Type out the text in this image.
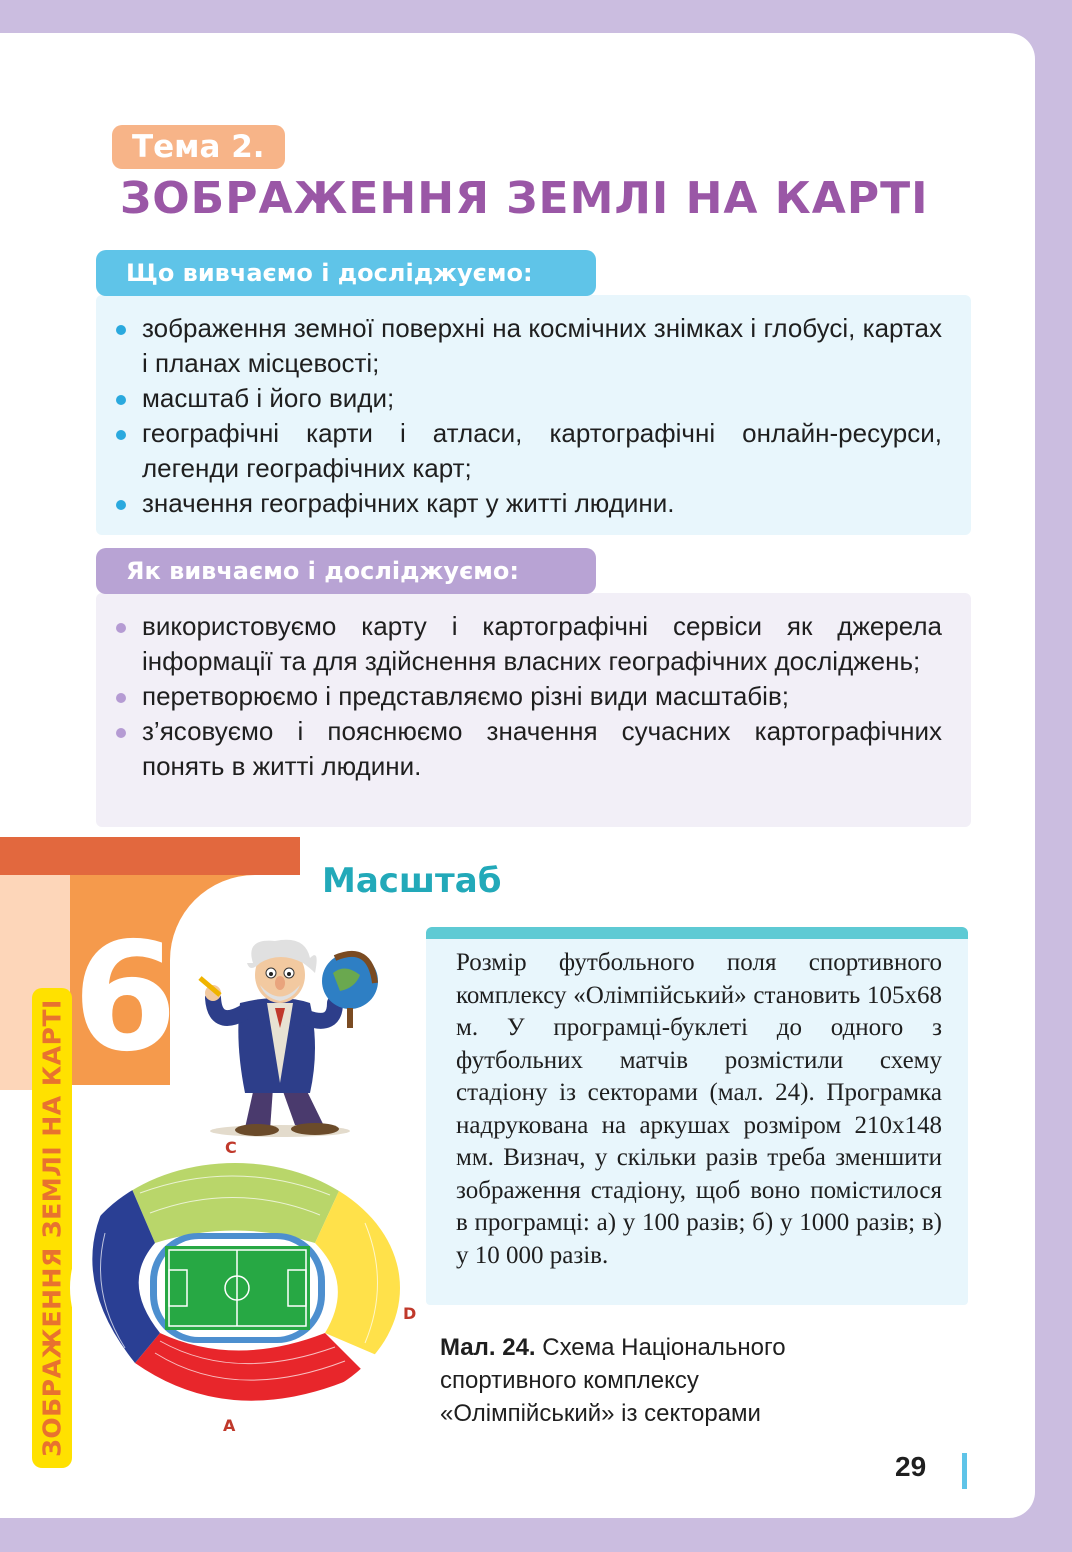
Тема 2.
ЗОБРАЖЕННЯ ЗЕМЛІ НА КАРТІ
зображення земної поверхні на космічних знімках і глобусі, картах і планах місцевості;
масштаб і його види;
географічні карти і атласи, картографічні онлайн-ресурси, легенди географічних карт;
значення географічних карт у житті людини.
Що вивчаємо і досліджуємо:
використовуємо карту і картографічні сервіси як джерела інформації та для здійснення власних географічних досліджень;
перетворюємо і представляємо різні види масштабів;
з’ясовуємо і пояснюємо значення сучасних картографічних понять в житті людини.
Як вивчаємо і досліджуємо:
6
ЗОБРАЖЕННЯ ЗЕМЛІ НА КАРТІ
Масштаб
Розмір футбольного поля спортивного комплексу «Олімпійський» становить 105х68 м. У програмці-буклеті до одного з футбольних матчів розмістили схему стадіону із секторами (мал. 24). Програмка надрукована на аркушах розміром 210х148 мм. Визнач, у скільки разів треба зменшити зображення стадіону, щоб воно помістилося в програмці: а) у 100 разів; б) у 1000 разів; в) у 10 000 разів.
C
D
A
Мал. 24. Схема Національного спортивного комплексу «Олімпійський» із секторами
29
